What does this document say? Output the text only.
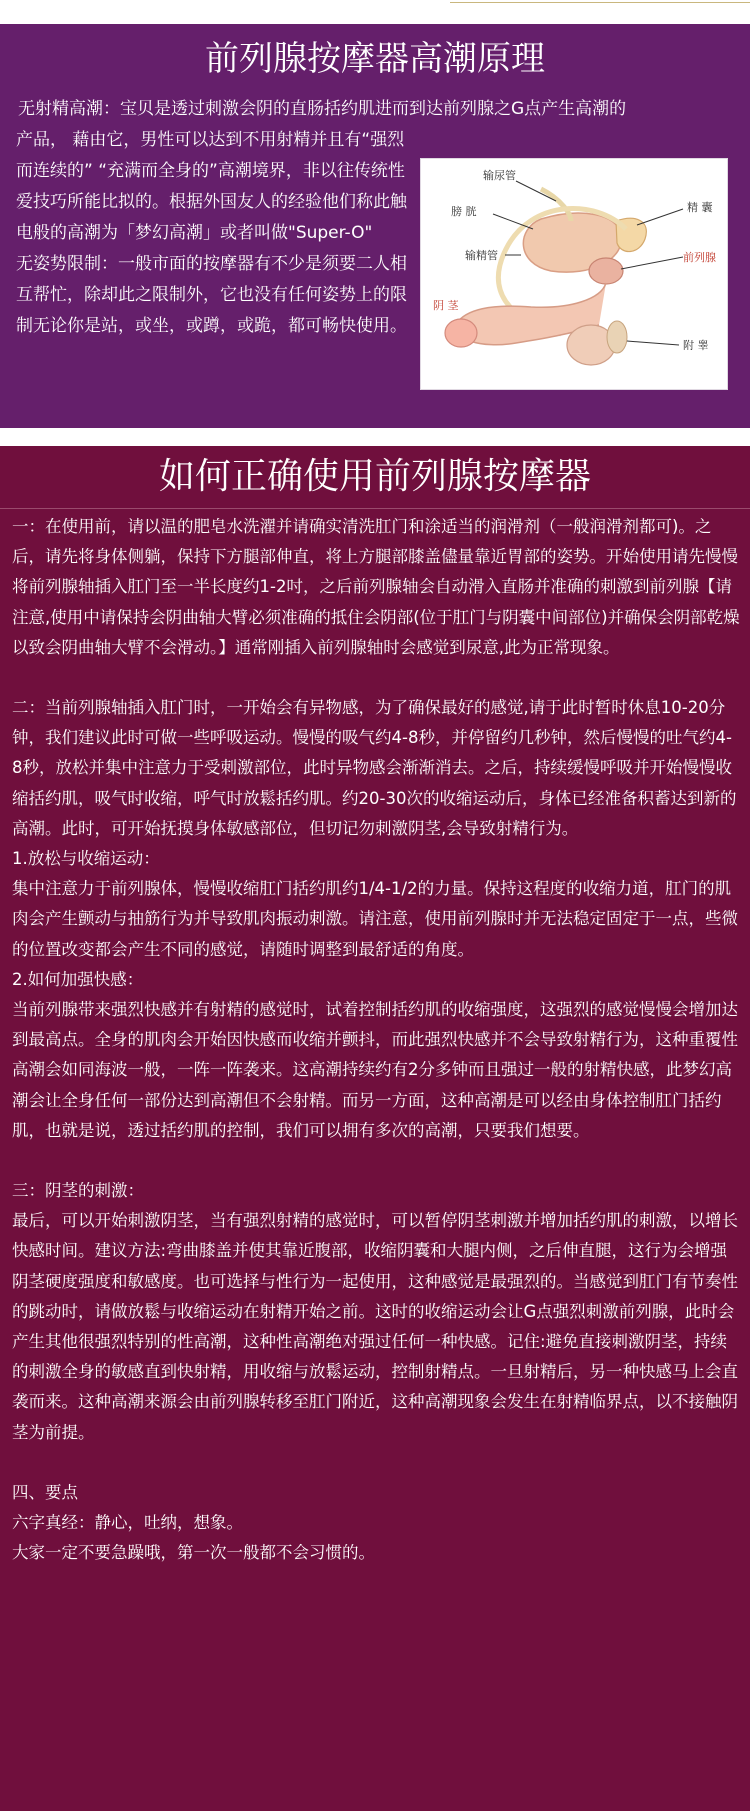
前列腺按摩器高潮原理
无射精高潮：宝贝是透过刺激会阴的直肠括约肌进而到达前列腺之G点产生高潮的
产品， 藉由它，男性可以达到不用射精并且有“强烈而连续的” “充满而全身的”高潮境界，非以往传统性爱技巧所能比拟的。根据外国友人的经验他们称此触电般的高潮为「梦幻高潮」或者叫做"Super-O"　 无姿势限制：一般市面的按摩器有不少是须要二人相互帮忙，除却此之限制外，它也没有任何姿势上的限制无论你是站，或坐，或蹲，或跪，都可畅快使用。
输尿管
膀 胱	精 囊
输精管	前列腺
阴 茎
附 睾
如何正确使用前列腺按摩器

一：在使用前，请以温的肥皂水洗濯并请确实清洗肛门和涂适当的润滑剂（一般润滑剂都可)。之后，请先将身体侧躺，保持下方腿部伸直，将上方腿部膝盖儘量靠近胃部的姿势。开始使用请先慢慢将前列腺轴插入肛门至一半长度约1-2吋，之后前列腺轴会自动滑入直肠并准确的刺激到前列腺【请注意,使用中请保持会阴曲轴大臂必须准确的抵住会阴部(位于肛门与阴囊中间部位)并确保会阴部乾燥以致会阴曲轴大臂不会滑动。】通常刚插入前列腺轴时会感觉到尿意,此为正常现象。

二：当前列腺轴插入肛门时，一开始会有异物感，为了确保最好的感觉,请于此时暂时休息10-20分钟，我们建议此时可做一些呼吸运动。慢慢的吸气约4-8秒，并停留约几秒钟，然后慢慢的吐气约4-8秒，放松并集中注意力于受刺激部位，此时异物感会渐渐消去。之后，持续缓慢呼吸并开始慢慢收缩括约肌，吸气时收缩，呼气时放鬆括约肌。约20-30次的收缩运动后，身体已经准备积蓄达到新的高潮。此时，可开始抚摸身体敏感部位，但切记勿刺激阴茎,会导致射精行为。

1.放松与收缩运动：

集中注意力于前列腺体，慢慢收缩肛门括约肌约1/4-1/2的力量。保持这程度的收缩力道，肛门的肌肉会产生颤动与抽筋行为并导致肌肉振动刺激。请注意，使用前列腺时并无法稳定固定于一点，些微的位置改变都会产生不同的感觉，请随时调整到最舒适的角度。

2.如何加强快感：

当前列腺带来强烈快感并有射精的感觉时，试着控制括约肌的收缩强度，这强烈的感觉慢慢会增加达到最高点。全身的肌肉会开始因快感而收缩并颤抖，而此强烈快感并不会导致射精行为，这种重覆性高潮会如同海波一般，一阵一阵袭来。这高潮持续约有2分多钟而且强过一般的射精快感，此梦幻高潮会让全身任何一部份达到高潮但不会射精。而另一方面，这种高潮是可以经由身体控制肛门括约肌，也就是说，透过括约肌的控制，我们可以拥有多次的高潮，只要我们想要。

三：阴茎的刺激：

最后，可以开始刺激阴茎，当有强烈射精的感觉时，可以暂停阴茎刺激并增加括约肌的刺激，以增长快感时间。建议方法:弯曲膝盖并使其靠近腹部，收缩阴囊和大腿内侧，之后伸直腿，这行为会增强阴茎硬度强度和敏感度。也可选择与性行为一起使用，这种感觉是最强烈的。当感觉到肛门有节奏性的跳动时，请做放鬆与收缩运动在射精开始之前。这时的收缩运动会让G点强烈刺激前列腺，此时会产生其他很强烈特别的性高潮，这种性高潮绝对强过任何一种快感。记住:避免直接刺激阴茎，持续的刺激全身的敏感直到快射精，用收缩与放鬆运动，控制射精点。一旦射精后，另一种快感马上会直袭而来。这种高潮来源会由前列腺转移至肛门附近，这种高潮现象会发生在射精临界点，以不接触阴茎为前提。

四、要点

六字真经：静心，吐纳，想象。

大家一定不要急躁哦，第一次一般都不会习惯的。
